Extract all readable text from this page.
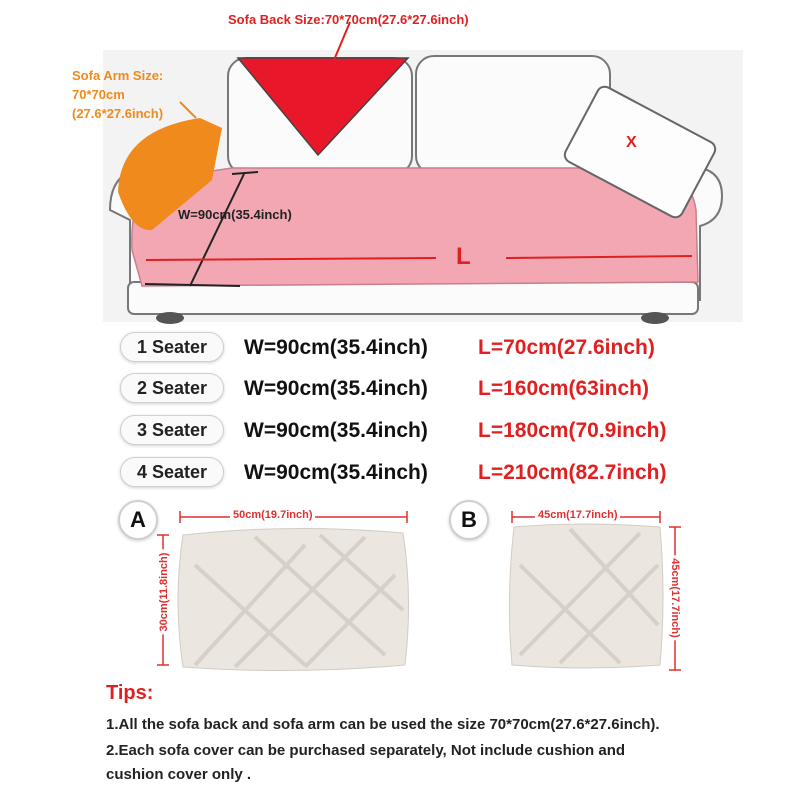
Sofa Back Size:70*70cm(27.6*27.6inch)
Sofa Arm Size:
70*70cm
(27.6*27.6inch)
W=90cm(35.4inch)
L
X
1 Seater	W=90cm(35.4inch) L=70cm(27.6inch)
2 Seater	W=90cm(35.4inch) L=160cm(63inch)
3 Seater	W=90cm(35.4inch) L=180cm(70.9inch)
4 Seater	W=90cm(35.4inch) L=210cm(82.7inch)
A	50cm(19.7inch)
30cm(11.8inch)
B	45cm(17.7inch)
45cm(17.7inch)
Tips:
1.All the sofa back and sofa arm can be used the size 70*70cm(27.6*27.6inch).
2.Each sofa cover can be purchased separately, Not include cushion and
cushion cover only .
